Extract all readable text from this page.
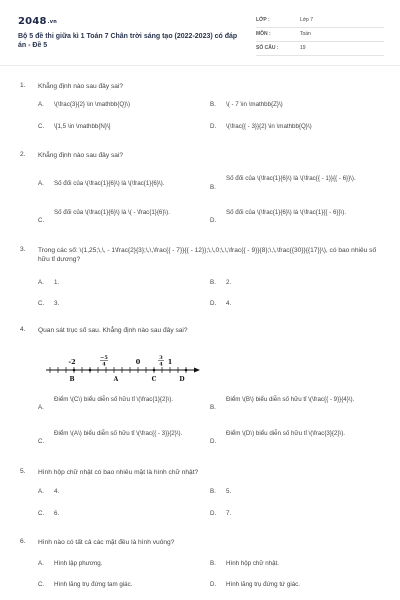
2048.vn
Bộ 5 đề thi giữa kì 1 Toán 7 Chân trời sáng tạo (2022-2023) có đáp án - Đề 5
LỚP :	Lớp 7
MÔN :	Toán
SỐ CÂU :	19
1. Khẳng định nào sau đây sai?
A. \(\frac{3}{2} \in \mathbb{Q}\)	B. \( - 7 \in \mathbb{Z}\)
C. \[1,5 \in \mathbb{N}\]	D. \(\frac{{ - 3}}{2} \in \mathbb{Q}\)
2. Khẳng định nào sau đây sai?
A. Số đối của \(\frac{1}{6}\) là \(\frac{1}{6}\).
B.
Số đối của \(\frac{1}{6}\) là \(\frac{{ - 1}}{{ - 6}}\).
C.
Số đối của \(\frac{1}{6}\) là \( - \frac{1}{6}\).
D.
Số đối của \(\frac{1}{6}\) là \(\frac{1}{{ - 6}}\).
3. Trong các số: \(1,25;\,\, - 1\frac{2}{3};\,\,\frac{{ - 7}}{{ - 12}};\,\,0;\,\,\frac{{ - 9}}{8};\,\,\frac{{30}}{{17}}\), có bao nhiêu số hữu tỉ dương?
A. 1.	B. 2.
C. 3.	D. 4.
4. Quan sát trục số sau. Khẳng định nào sau đây sai?
A.
Điểm \(C\) biểu diễn số hữu tỉ \(\frac{1}{2}\).
B.
Điểm \(B\) biểu diễn số hữu tỉ \(\frac{{ - 9}}{4}\).
C.
Điểm \(A\) biểu diễn số hữu tỉ \(\frac{{ - 3}}{2}\).
D.
Điểm \(D\) biểu diễn số hữu tỉ \(\frac{3}{2}\).
-2	−5
4	0	3
4 1
B	A	C	D
5. Hình hộp chữ nhật có bao nhiêu mặt là hình chữ nhật?
A. 4.	B. 5.
C. 6.	D. 7.
6. Hình nào có tất cả các mặt đều là hình vuông?
A. Hình lập phương.	B. Hình hộp chữ nhật.
C. Hình lăng trụ đứng tam giác.	D. Hình lăng trụ đứng tứ giác.
